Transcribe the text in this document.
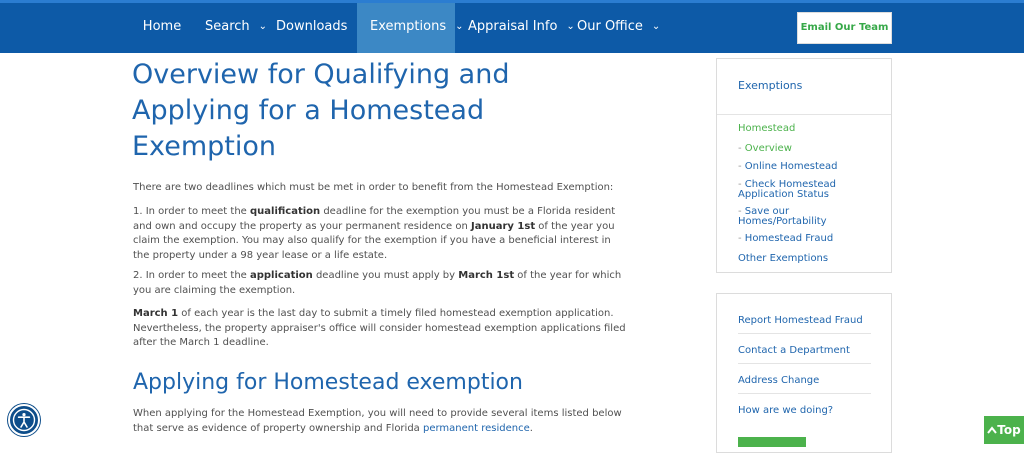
Home	Search ⌄ Downloads	Exemptions ⌄ Appraisal Info ⌄ Our Office ⌄	Email Our Team
Overview for Qualifying and Applying for a Homestead Exemption

There are two deadlines which must be met in order to benefit from the Homestead Exemption:

1. In order to meet the qualification deadline for the exemption you must be a Florida resident and own and occupy the property as your permanent residence on January 1st of the year you claim the exemption. You may also qualify for the exemption if you have a beneficial interest in the property under a 98 year lease or a life estate.

2. In order to meet the application deadline you must apply by March 1st of the year for which you are claiming the exemption.

March 1 of each year is the last day to submit a timely filed homestead exemption application. Nevertheless, the property appraiser's office will consider homestead exemption applications filed after the March 1 deadline.

Applying for Homestead exemption

When applying for the Homestead Exemption, you will need to provide several items listed below that serve as evidence of property ownership and Florida permanent residence.

Exemptions
Homestead
- Overview
- Online Homestead
- Check Homestead Application Status
- Save our Homes/Portability
- Homestead Fraud
Other Exemptions
Report Homestead Fraud
Contact a Department
Address Change
How are we doing?
Top
